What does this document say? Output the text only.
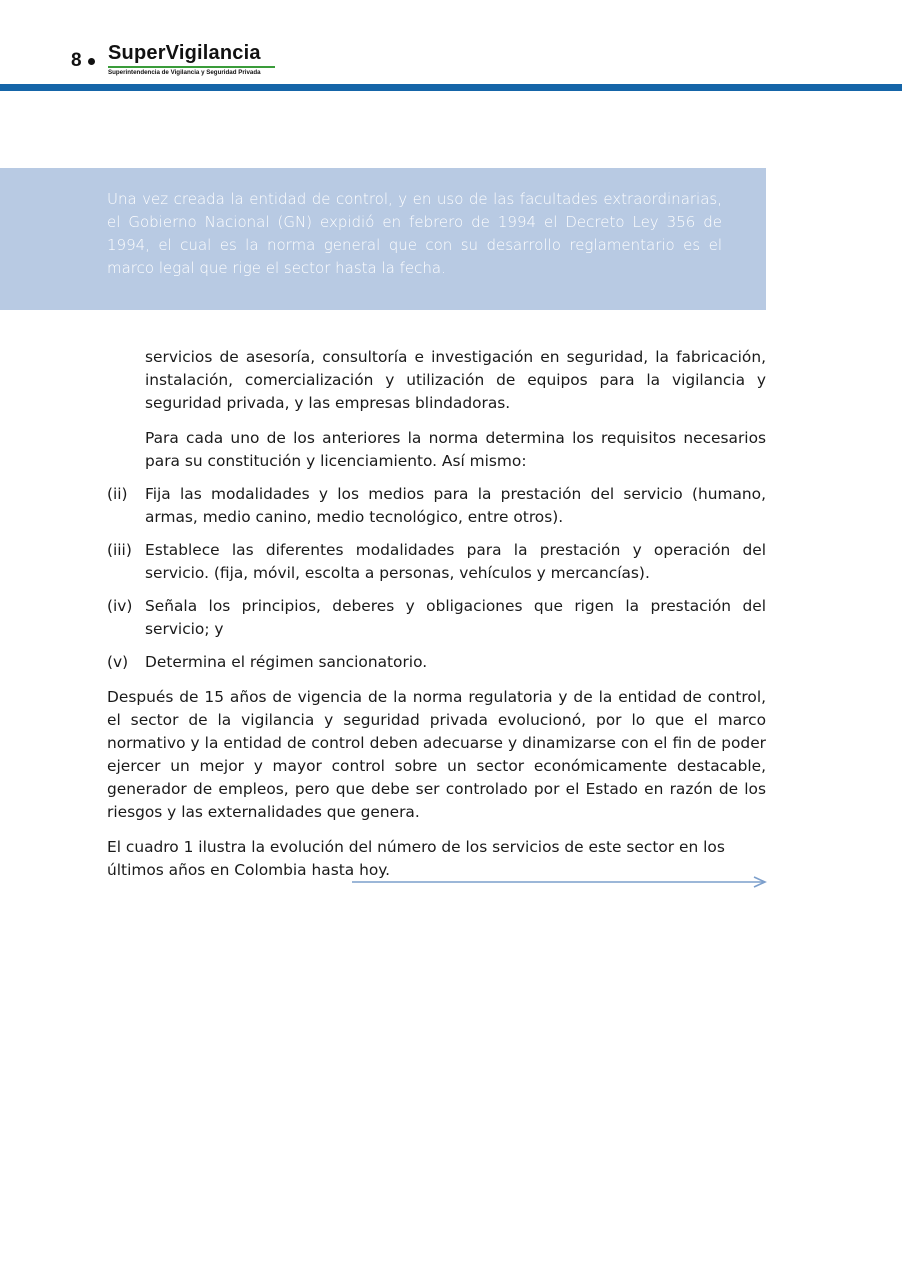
8 SuperVigilancia
Superintendencia de Vigilancia y Seguridad Privada
Una vez creada la entidad de control, y en uso de las facultades extraordinarias, el Gobierno Nacional (GN) expidió en febrero de 1994 el Decreto Ley 356 de 1994, el cual es la norma general que con su desarrollo reglamentario es el marco legal que rige el sector hasta la fecha.

servicios de asesoría, consultoría e investigación en seguridad, la fabricación, instalación, comercialización y utilización de equipos para la vigilancia y seguridad privada, y las empresas blindadoras.

Para cada uno de los anteriores la norma determina los requisitos necesarios para su constitución y licenciamiento. Así mismo:

(ii)	Fija las modalidades y los medios para la prestación del servicio (humano, armas, medio canino, medio tecnológico, entre otros).
(iii) Establece las diferentes modalidades para la prestación y operación del servicio. (fija, móvil, escolta a personas, vehículos y mercancías).
(iv) Señala los principios, deberes y obligaciones que rigen la prestación del servicio; y
(v)	Determina el régimen sancionatorio.

Después de 15 años de vigencia de la norma regulatoria y de la entidad de control, el sector de la vigilancia y seguridad privada evolucionó, por lo que el marco normativo y la entidad de control deben adecuarse y dinamizarse con el fin de poder ejercer un mejor y mayor control sobre un sector económicamente destacable, generador de empleos, pero que debe ser controlado por el Estado en razón de los riesgos y las externalidades que genera.

El cuadro 1 ilustra la evolución del número de los servicios de este sector en los últimos años en Colombia hasta hoy.
